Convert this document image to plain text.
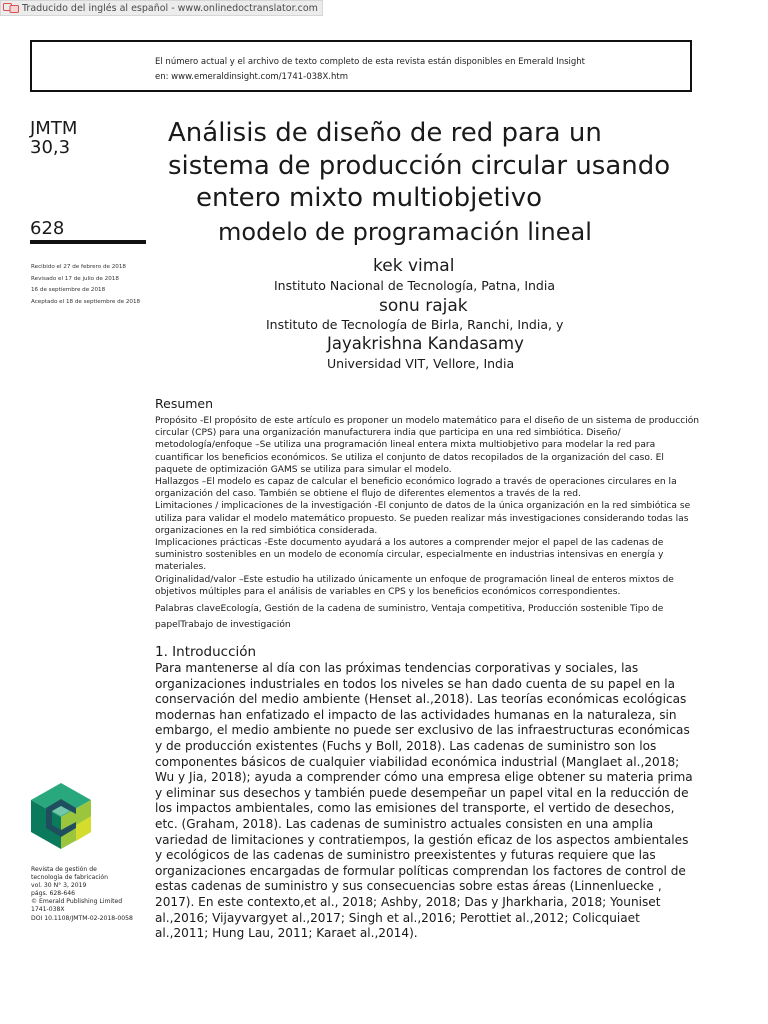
Traducido del inglés al español - www.onlinedoctranslator.com
El número actual y el archivo de texto completo de esta revista están disponibles en Emerald Insight
en: www.emeraldinsight.com/1741-038X.htm
JMTM
30,3
628
Recibido el 27 de febrero de 2018
Revisado el 17 de julio de 2018
16 de septiembre de 2018
Aceptado el 18 de septiembre de 2018
Análisis de diseño de red para un
sistema de producción circular usando
entero mixto multiobjetivo
modelo de programación lineal
kek vimal
Instituto Nacional de Tecnología, Patna, India
sonu rajak
Instituto de Tecnología de Birla, Ranchi, India, y
Jayakrishna Kandasamy
Universidad VIT, Vellore, India
Resumen

Propósito -El propósito de este artículo es proponer un modelo matemático para el diseño de un sistema de producción circular (CPS) para una organización manufacturera india que participa en una red simbiótica. Diseño/ metodología/enfoque –Se utiliza una programación lineal entera mixta multiobjetivo para modelar la red para cuantificar los beneficios económicos. Se utiliza el conjunto de datos recopilados de la organización del caso. El paquete de optimización GAMS se utiliza para simular el modelo.

Hallazgos –El modelo es capaz de calcular el beneficio económico logrado a través de operaciones circulares en la organización del caso. También se obtiene el flujo de diferentes elementos a través de la red.

Limitaciones / implicaciones de la investigación -El conjunto de datos de la única organización en la red simbiótica se utiliza para validar el modelo matemático propuesto. Se pueden realizar más investigaciones considerando todas las organizaciones en la red simbiótica considerada.

Implicaciones prácticas -Este documento ayudará a los autores a comprender mejor el papel de las cadenas de suministro sostenibles en un modelo de economía circular, especialmente en industrias intensivas en energía y materiales.

Originalidad/valor –Este estudio ha utilizado únicamente un enfoque de programación lineal de enteros mixtos de objetivos múltiples para el análisis de variables en CPS y los beneficios económicos correspondientes.

Palabras claveEcología, Gestión de la cadena de suministro, Ventaja competitiva, Producción sostenible Tipo de papelTrabajo de investigación

1. Introducción
Para mantenerse al día con las próximas tendencias corporativas y sociales, las organizaciones industriales en todos los niveles se han dado cuenta de su papel en la conservación del medio ambiente (Henset al.,2018). Las teorías económicas ecológicas modernas han enfatizado el impacto de las actividades humanas en la naturaleza, sin embargo, el medio ambiente no puede ser exclusivo de las infraestructuras económicas y de producción existentes (Fuchs y Boll, 2018). Las cadenas de suministro son los componentes básicos de cualquier viabilidad económica industrial (Manglaet al.,2018; Wu y Jia, 2018); ayuda a comprender cómo una empresa elige obtener su materia prima y eliminar sus desechos y también puede desempeñar un papel vital en la reducción de los impactos ambientales, como las emisiones del transporte, el vertido de desechos, etc. (Graham, 2018). Las cadenas de suministro actuales consisten en una amplia variedad de limitaciones y contratiempos, la gestión eficaz de los aspectos ambientales y ecológicos de las cadenas de suministro preexistentes y futuras requiere que las organizaciones encargadas de formular políticas comprendan los factores de control de estas cadenas de suministro y sus consecuencias sobre estas áreas (Linnenluecke , 2017). En este contexto,et al., 2018; Ashby, 2018; Das y Jharkharia, 2018; Youniset al.,2016; Vijayvargyet al.,2017; Singh et al.,2016; Perottiet al.,2012; Colicquiaet al.,2011; Hung Lau, 2011; Karaet al.,2014).
Revista de gestión de
tecnología de fabricación
vol. 30 N° 3, 2019
págs. 628-646
© Emerald Publishing Limited
1741-038X
DOI 10.1108/JMTM-02-2018-0058
